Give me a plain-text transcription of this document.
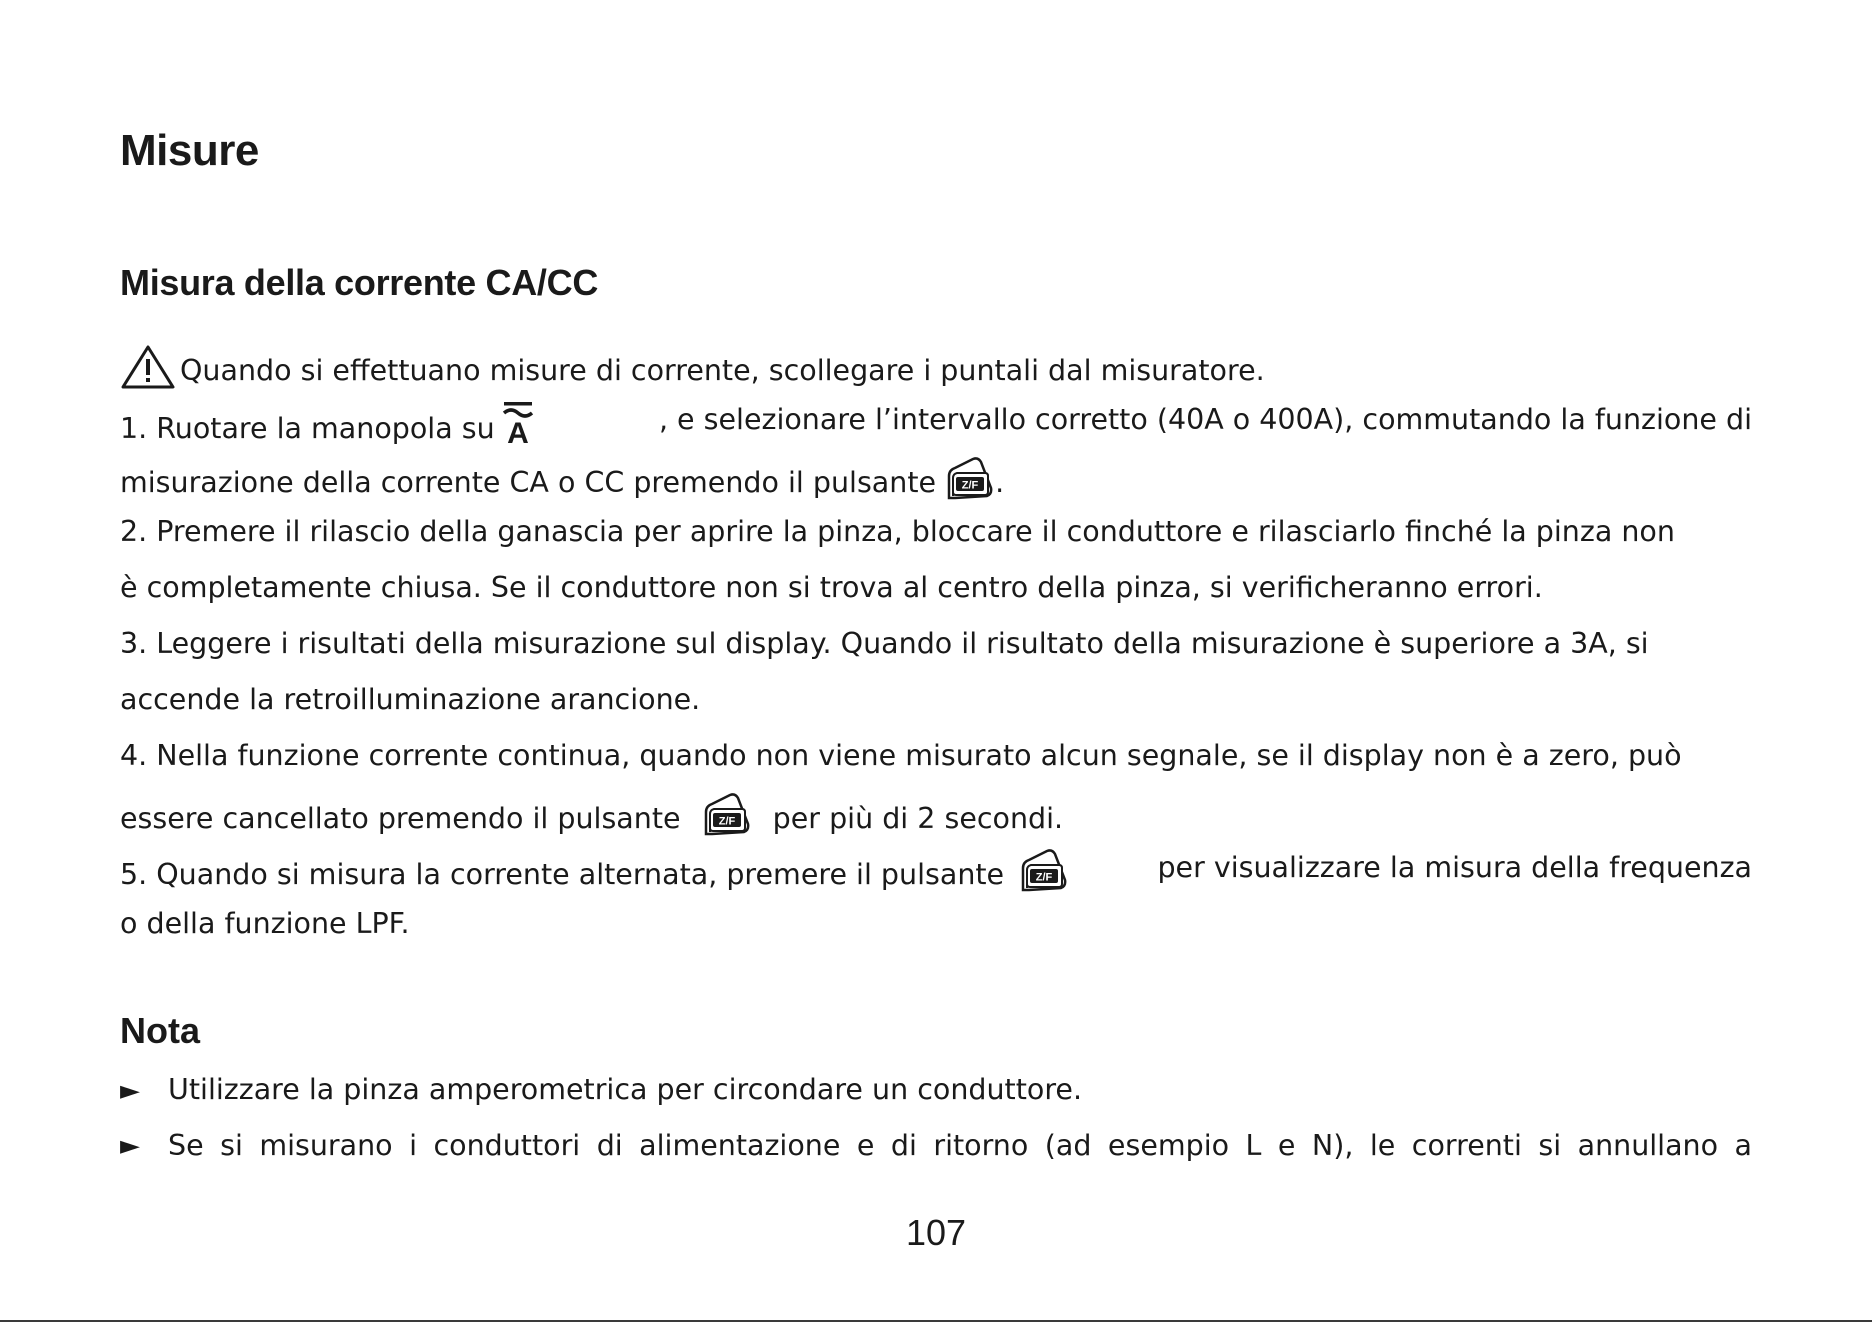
Misure
Misura della corrente CA/CC
Quando si effettuano misure di corrente, scollegare i puntali dal misuratore.
1. Ruotare la manopola su A	, e selezionare l’intervallo corretto (40A o 400A), commutando la funzione di
misurazione della corrente CA o CC premendo il pulsante Z/F .
2. Premere il rilascio della ganascia per aprire la pinza, bloccare il conduttore e rilasciarlo finché la pinza non
è completamente chiusa. Se il conduttore non si trova al centro della pinza, si verificheranno errori.
3. Leggere i risultati della misurazione sul display. Quando il risultato della misurazione è superiore a 3A, si
accende la retroilluminazione arancione.
4. Nella funzione corrente continua, quando non viene misurato alcun segnale, se il display non è a zero, può
essere cancellato premendo il pulsante	Z/F per più di 2 secondi.
5. Quando si misura la corrente alternata, premere il pulsante	Z/F	per visualizzare la misura della frequenza
o della funzione LPF.
Nota
► Utilizzare la pinza amperometrica per circondare un conduttore.
► Se si misurano i conduttori di alimentazione e di ritorno (ad esempio L e N), le correnti si annullano a
107
